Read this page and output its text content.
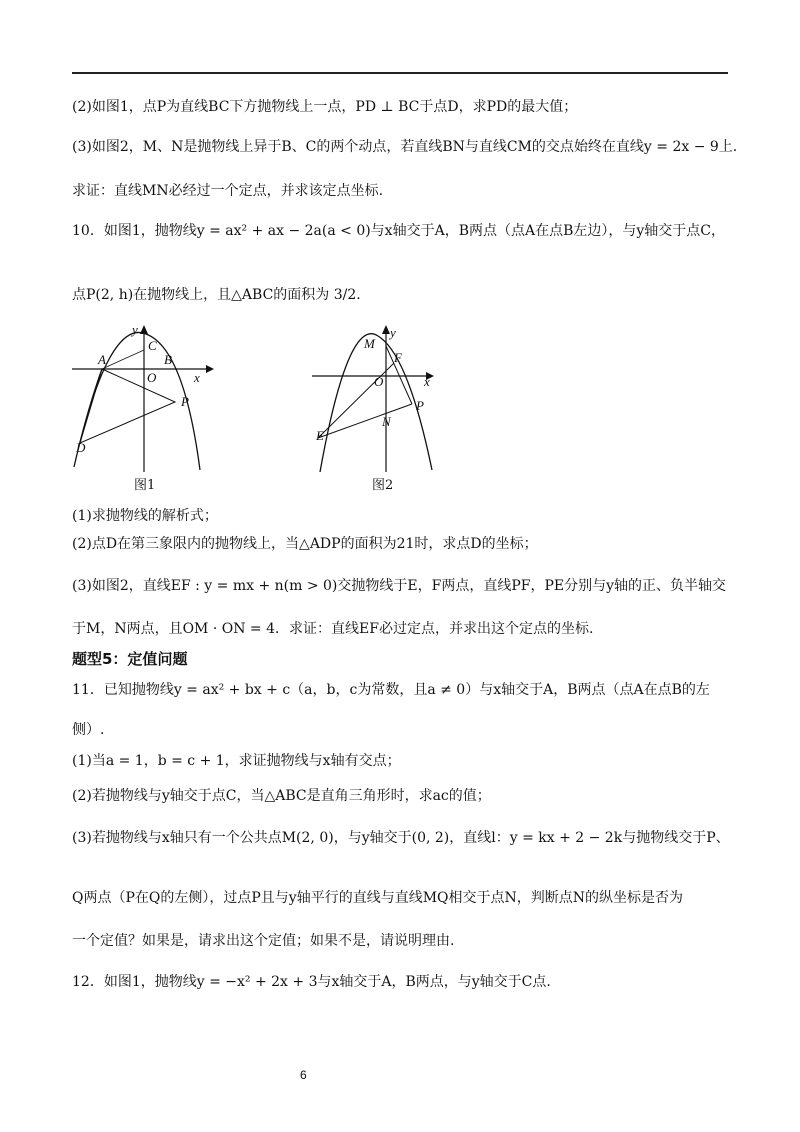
(2)如图1，点P为直线BC下方抛物线上一点，PD ⊥ BC于点D，求PD的最大值；
(3)如图2，M、N是抛物线上异于B、C的两个动点，若直线BN与直线CM的交点始终在直线y = 2x − 9上.
求证：直线MN必经过一个定点，并求该定点坐标.
10．如图1，抛物线y = ax² + ax − 2a(a < 0)与x轴交于A，B两点（点A在点B左边），与y轴交于点C，
点P(2, h)在抛物线上，且△ABC的面积为 3/2.
y
x
C
A	B
O
P
D
图1
y
x
M
F
O
P
N
E
图2
(1)求抛物线的解析式；
(2)点D在第三象限内的抛物线上，当△ADP的面积为21时，求点D的坐标；
(3)如图2，直线EF : y = mx + n(m > 0)交抛物线于E，F两点，直线PF，PE分别与y轴的正、负半轴交
于M，N两点，且OM · ON = 4．求证：直线EF必过定点，并求出这个定点的坐标.
题型5：定值问题
11．已知抛物线y = ax² + bx + c（a，b，c为常数，且a ≠ 0）与x轴交于A，B两点（点A在点B的左
侧）.
(1)当a = 1，b = c + 1，求证抛物线与x轴有交点；
(2)若抛物线与y轴交于点C，当△ABC是直角三角形时，求ac的值；
(3)若抛物线与x轴只有一个公共点M(2, 0)，与y轴交于(0, 2)，直线l：y = kx + 2 − 2k与抛物线交于P、
Q两点（P在Q的左侧），过点P且与y轴平行的直线与直线MQ相交于点N，判断点N的纵坐标是否为
一个定值？如果是，请求出这个定值；如果不是，请说明理由.
12．如图1，抛物线y = −x² + 2x + 3与x轴交于A，B两点，与y轴交于C点.
6
